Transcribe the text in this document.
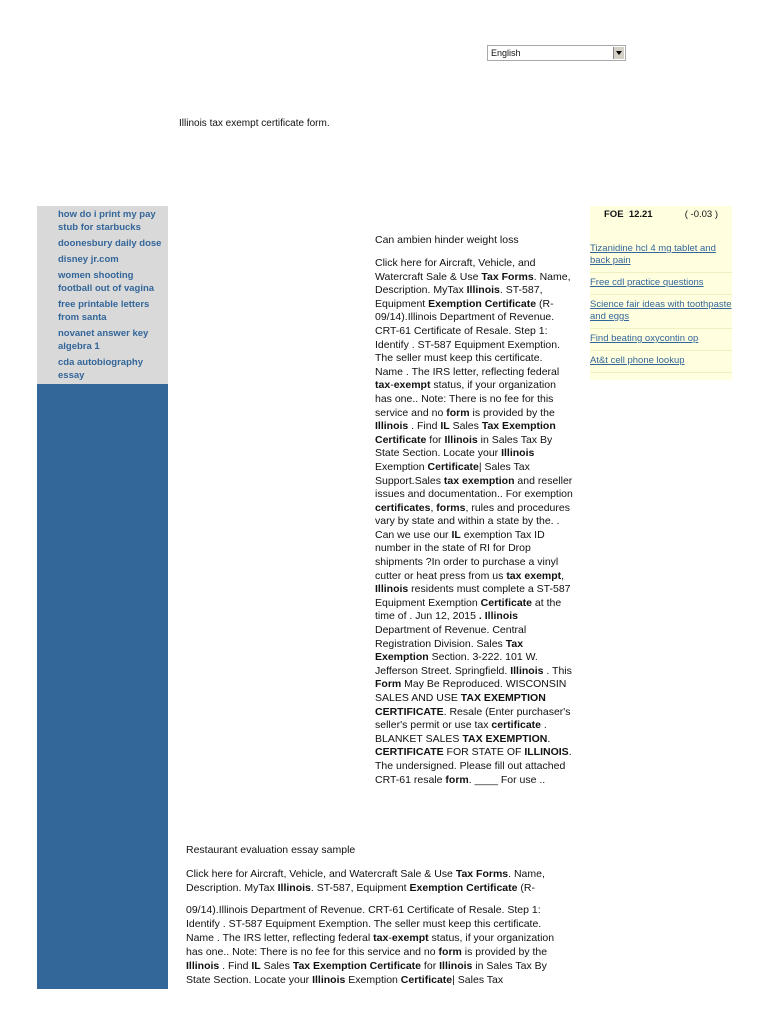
English
Illinois tax exempt certificate form.
how do i print my pay stub for starbucks
doonesbury daily dose
disney jr.com
women shooting football out of vagina
free printable letters from santa
novanet answer key algebra 1
cda autobiography essay
Can ambien hinder weight loss

Click here for Aircraft, Vehicle, and Watercraft Sale & Use Tax Forms. Name, Description. MyTax Illinois. ST-587, Equipment Exemption Certificate (R-09/14).Illinois Department of Revenue. CRT-61 Certificate of Resale. Step 1: Identify . ST-587 Equipment Exemption. The seller must keep this certificate. Name . The IRS letter, reflecting federal tax-exempt status, if your organization has one.. Note: There is no fee for this service and no form is provided by the Illinois . Find IL Sales Tax Exemption Certificate for Illinois in Sales Tax By State Section. Locate your Illinois Exemption Certificate| Sales Tax Support.Sales tax exemption and reseller issues and documentation.. For exemption certificates, forms, rules and procedures vary by state and within a state by the. . Can we use our IL exemption Tax ID number in the state of RI for Drop shipments ?In order to purchase a vinyl cutter or heat press from us tax exempt, Illinois residents must complete a ST-587 Equipment Exemption Certificate at the time of . Jun 12, 2015 . Illinois Department of Revenue. Central Registration Division. Sales Tax Exemption Section. 3-222. 101 W. Jefferson Street. Springfield. Illinois . This Form May Be Reproduced. WISCONSIN SALES AND USE TAX EXEMPTION CERTIFICATE. Resale (Enter purchaser's seller's permit or use tax certificate . BLANKET SALES TAX EXEMPTION. CERTIFICATE FOR STATE OF ILLINOIS. The undersigned. Please fill out attached CRT-61 resale form. ____ For use ..

FOE 12.21	( -0.03 )
Tizanidine hcl 4 mg tablet and back pain
Free cdl practice questions
Science fair ideas with toothpaste and eggs
Find beating oxycontin op
At&t cell phone lookup
Restaurant evaluation essay sample

Click here for Aircraft, Vehicle, and Watercraft Sale & Use Tax Forms. Name, Description. MyTax Illinois. ST-587, Equipment Exemption Certificate (R-

09/14).Illinois Department of Revenue. CRT-61 Certificate of Resale. Step 1: Identify . ST-587 Equipment Exemption. The seller must keep this certificate. Name . The IRS letter, reflecting federal tax-exempt status, if your organization has one.. Note: There is no fee for this service and no form is provided by the Illinois . Find IL Sales Tax Exemption Certificate for Illinois in Sales Tax By State Section. Locate your Illinois Exemption Certificate| Sales Tax
